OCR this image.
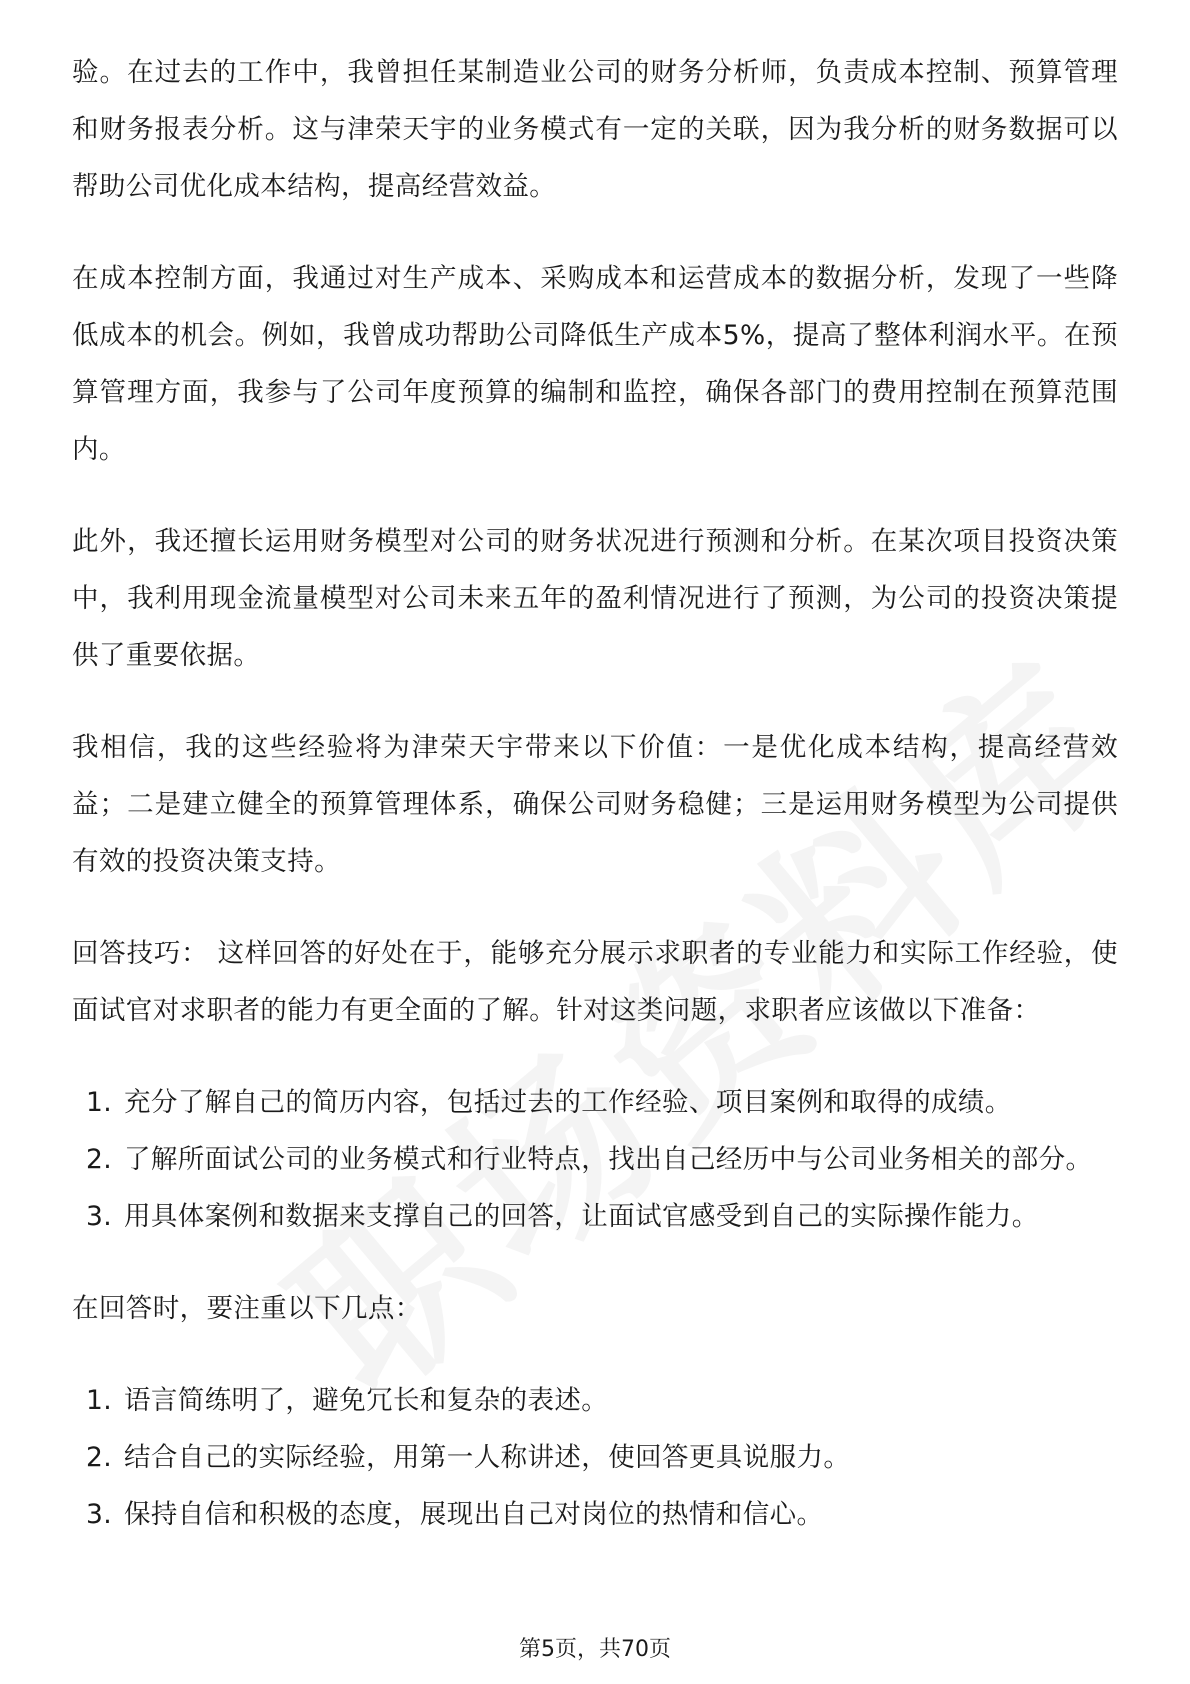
验。在过去的工作中，我曾担任某制造业公司的财务分析师，负责成本控制、预算管理和财务报表分析。这与津荣天宇的业务模式有一定的关联，因为我分析的财务数据可以帮助公司优化成本结构，提高经营效益。

在成本控制方面，我通过对生产成本、采购成本和运营成本的数据分析，发现了一些降低成本的机会。例如，我曾成功帮助公司降低生产成本5%，提高了整体利润水平。在预算管理方面，我参与了公司年度预算的编制和监控，确保各部门的费用控制在预算范围内。

此外，我还擅长运用财务模型对公司的财务状况进行预测和分析。在某次项目投资决策中，我利用现金流量模型对公司未来五年的盈利情况进行了预测，为公司的投资决策提供了重要依据。

我相信，我的这些经验将为津荣天宇带来以下价值：一是优化成本结构，提高经营效益；二是建立健全的预算管理体系，确保公司财务稳健；三是运用财务模型为公司提供有效的投资决策支持。

回答技巧： 这样回答的好处在于，能够充分展示求职者的专业能力和实际工作经验，使面试官对求职者的能力有更全面的了解。针对这类问题，求职者应该做以下准备：

1. 充分了解自己的简历内容，包括过去的工作经验、项目案例和取得的成绩。
2. 了解所面试公司的业务模式和行业特点，找出自己经历中与公司业务相关的部分。
3. 用具体案例和数据来支撑自己的回答，让面试官感受到自己的实际操作能力。

在回答时，要注重以下几点：

1. 语言简练明了，避免冗长和复杂的表述。
2. 结合自己的实际经验，用第一人称讲述，使回答更具说服力。
3. 保持自信和积极的态度，展现出自己对岗位的热情和信心。
第5页，共70页
